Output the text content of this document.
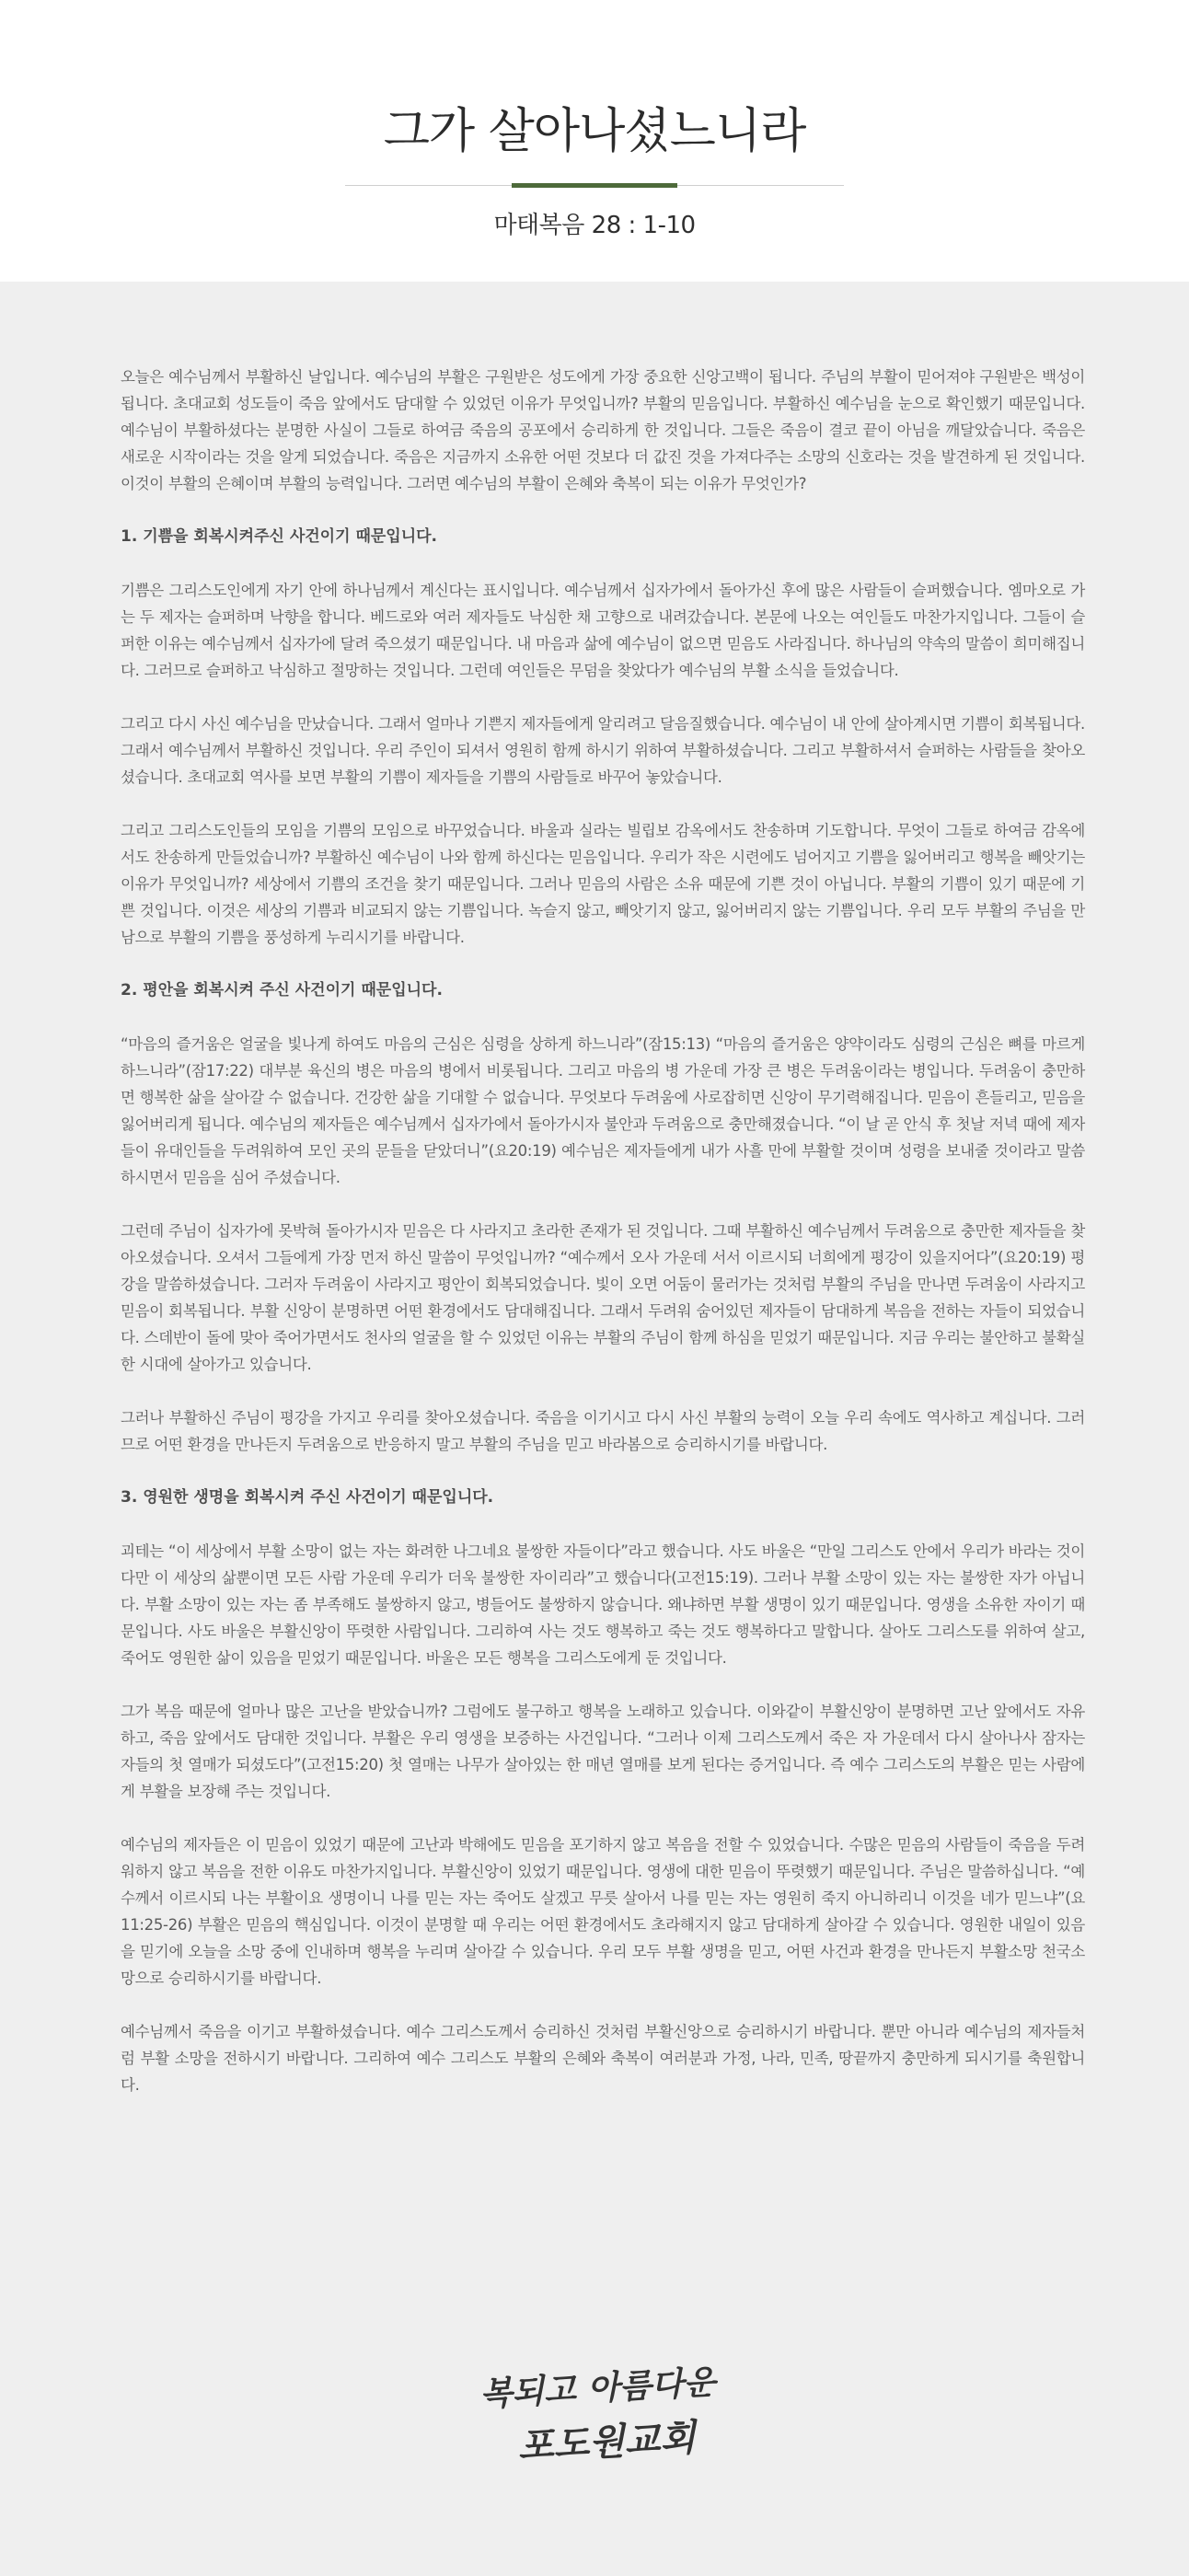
그가 살아나셨느니라
마태복음 28 : 1-10

오늘은 예수님께서 부활하신 날입니다. 예수님의 부활은 구원받은 성도에게 가장 중요한 신앙고백이 됩니다. 주님의 부활이 믿어져야 구원받은 백성이 됩니다. 초대교회 성도들이 죽음 앞에서도 담대할 수 있었던 이유가 무엇입니까? 부활의 믿음입니다. 부활하신 예수님을 눈으로 확인했기 때문입니다. 예수님이 부활하셨다는 분명한 사실이 그들로 하여금 죽음의 공포에서 승리하게 한 것입니다. 그들은 죽음이 결코 끝이 아님을 깨달았습니다. 죽음은 새로운 시작이라는 것을 알게 되었습니다. 죽음은 지금까지 소유한 어떤 것보다 더 값진 것을 가져다주는 소망의 신호라는 것을 발견하게 된 것입니다. 이것이 부활의 은혜이며 부활의 능력입니다. 그러면 예수님의 부활이 은혜와 축복이 되는 이유가 무엇인가?

1. 기쁨을 회복시켜주신 사건이기 때문입니다.

기쁨은 그리스도인에게 자기 안에 하나님께서 계신다는 표시입니다. 예수님께서 십자가에서 돌아가신 후에 많은 사람들이 슬퍼했습니다. 엠마오로 가는 두 제자는 슬퍼하며 낙향을 합니다. 베드로와 여러 제자들도 낙심한 채 고향으로 내려갔습니다. 본문에 나오는 여인들도 마찬가지입니다. 그들이 슬퍼한 이유는 예수님께서 십자가에 달려 죽으셨기 때문입니다. 내 마음과 삶에 예수님이 없으면 믿음도 사라집니다. 하나님의 약속의 말씀이 희미해집니다. 그러므로 슬퍼하고 낙심하고 절망하는 것입니다. 그런데 여인들은 무덤을 찾았다가 예수님의 부활 소식을 들었습니다.

그리고 다시 사신 예수님을 만났습니다. 그래서 얼마나 기쁜지 제자들에게 알리려고 달음질했습니다. 예수님이 내 안에 살아계시면 기쁨이 회복됩니다. 그래서 예수님께서 부활하신 것입니다. 우리 주인이 되셔서 영원히 함께 하시기 위하여 부활하셨습니다. 그리고 부활하셔서 슬퍼하는 사람들을 찾아오셨습니다. 초대교회 역사를 보면 부활의 기쁨이 제자들을 기쁨의 사람들로 바꾸어 놓았습니다.

그리고 그리스도인들의 모임을 기쁨의 모임으로 바꾸었습니다. 바울과 실라는 빌립보 감옥에서도 찬송하며 기도합니다. 무엇이 그들로 하여금 감옥에서도 찬송하게 만들었습니까? 부활하신 예수님이 나와 함께 하신다는 믿음입니다. 우리가 작은 시련에도 넘어지고 기쁨을 잃어버리고 행복을 빼앗기는 이유가 무엇입니까? 세상에서 기쁨의 조건을 찾기 때문입니다. 그러나 믿음의 사람은 소유 때문에 기쁜 것이 아닙니다. 부활의 기쁨이 있기 때문에 기쁜 것입니다. 이것은 세상의 기쁨과 비교되지 않는 기쁨입니다. 녹슬지 않고, 빼앗기지 않고, 잃어버리지 않는 기쁨입니다. 우리 모두 부활의 주님을 만남으로 부활의 기쁨을 풍성하게 누리시기를 바랍니다.

2. 평안을 회복시켜 주신 사건이기 때문입니다.

“마음의 즐거움은 얼굴을 빛나게 하여도 마음의 근심은 심령을 상하게 하느니라”(잠15:13) “마음의 즐거움은 양약이라도 심령의 근심은 뼈를 마르게 하느니라”(잠17:22) 대부분 육신의 병은 마음의 병에서 비롯됩니다. 그리고 마음의 병 가운데 가장 큰 병은 두려움이라는 병입니다. 두려움이 충만하면 행복한 삶을 살아갈 수 없습니다. 건강한 삶을 기대할 수 없습니다. 무엇보다 두려움에 사로잡히면 신앙이 무기력해집니다. 믿음이 흔들리고, 믿음을 잃어버리게 됩니다. 예수님의 제자들은 예수님께서 십자가에서 돌아가시자 불안과 두려움으로 충만해졌습니다. “이 날 곧 안식 후 첫날 저녁 때에 제자들이 유대인들을 두려워하여 모인 곳의 문들을 닫았더니”(요20:19) 예수님은 제자들에게 내가 사흘 만에 부활할 것이며 성령을 보내줄 것이라고 말씀하시면서 믿음을 심어 주셨습니다.

그런데 주님이 십자가에 못박혀 돌아가시자 믿음은 다 사라지고 초라한 존재가 된 것입니다. 그때 부활하신 예수님께서 두려움으로 충만한 제자들을 찾아오셨습니다. 오셔서 그들에게 가장 먼저 하신 말씀이 무엇입니까? “예수께서 오사 가운데 서서 이르시되 너희에게 평강이 있을지어다”(요20:19) 평강을 말씀하셨습니다. 그러자 두려움이 사라지고 평안이 회복되었습니다. 빛이 오면 어둠이 물러가는 것처럼 부활의 주님을 만나면 두려움이 사라지고 믿음이 회복됩니다. 부활 신앙이 분명하면 어떤 환경에서도 담대해집니다. 그래서 두려워 숨어있던 제자들이 담대하게 복음을 전하는 자들이 되었습니다. 스데반이 돌에 맞아 죽어가면서도 천사의 얼굴을 할 수 있었던 이유는 부활의 주님이 함께 하심을 믿었기 때문입니다. 지금 우리는 불안하고 불확실한 시대에 살아가고 있습니다.

그러나 부활하신 주님이 평강을 가지고 우리를 찾아오셨습니다. 죽음을 이기시고 다시 사신 부활의 능력이 오늘 우리 속에도 역사하고 계십니다. 그러므로 어떤 환경을 만나든지 두려움으로 반응하지 말고 부활의 주님을 믿고 바라봄으로 승리하시기를 바랍니다.

3. 영원한 생명을 회복시켜 주신 사건이기 때문입니다.

괴테는 “이 세상에서 부활 소망이 없는 자는 화려한 나그네요 불쌍한 자들이다”라고 했습니다. 사도 바울은 “만일 그리스도 안에서 우리가 바라는 것이 다만 이 세상의 삶뿐이면 모든 사람 가운데 우리가 더욱 불쌍한 자이리라”고 했습니다(고전15:19). 그러나 부활 소망이 있는 자는 불쌍한 자가 아닙니다. 부활 소망이 있는 자는 좀 부족해도 불쌍하지 않고, 병들어도 불쌍하지 않습니다. 왜냐하면 부활 생명이 있기 때문입니다. 영생을 소유한 자이기 때문입니다. 사도 바울은 부활신앙이 뚜렷한 사람입니다. 그리하여 사는 것도 행복하고 죽는 것도 행복하다고 말합니다. 살아도 그리스도를 위하여 살고, 죽어도 영원한 삶이 있음을 믿었기 때문입니다. 바울은 모든 행복을 그리스도에게 둔 것입니다.

그가 복음 때문에 얼마나 많은 고난을 받았습니까? 그럼에도 불구하고 행복을 노래하고 있습니다. 이와같이 부활신앙이 분명하면 고난 앞에서도 자유하고, 죽음 앞에서도 담대한 것입니다. 부활은 우리 영생을 보증하는 사건입니다. “그러나 이제 그리스도께서 죽은 자 가운데서 다시 살아나사 잠자는 자들의 첫 열매가 되셨도다”(고전15:20) 첫 열매는 나무가 살아있는 한 매년 열매를 보게 된다는 증거입니다. 즉 예수 그리스도의 부활은 믿는 사람에게 부활을 보장해 주는 것입니다.

예수님의 제자들은 이 믿음이 있었기 때문에 고난과 박해에도 믿음을 포기하지 않고 복음을 전할 수 있었습니다. 수많은 믿음의 사람들이 죽음을 두려워하지 않고 복음을 전한 이유도 마찬가지입니다. 부활신앙이 있었기 때문입니다. 영생에 대한 믿음이 뚜렷했기 때문입니다. 주님은 말씀하십니다. “예수께서 이르시되 나는 부활이요 생명이니 나를 믿는 자는 죽어도 살겠고 무릇 살아서 나를 믿는 자는 영원히 죽지 아니하리니 이것을 네가 믿느냐”(요11:25-26) 부활은 믿음의 핵심입니다. 이것이 분명할 때 우리는 어떤 환경에서도 초라해지지 않고 담대하게 살아갈 수 있습니다. 영원한 내일이 있음을 믿기에 오늘을 소망 중에 인내하며 행복을 누리며 살아갈 수 있습니다. 우리 모두 부활 생명을 믿고, 어떤 사건과 환경을 만나든지 부활소망 천국소망으로 승리하시기를 바랍니다.

예수님께서 죽음을 이기고 부활하셨습니다. 예수 그리스도께서 승리하신 것처럼 부활신앙으로 승리하시기 바랍니다. 뿐만 아니라 예수님의 제자들처럼 부활 소망을 전하시기 바랍니다. 그리하여 예수 그리스도 부활의 은혜와 축복이 여러분과 가정, 나라, 민족, 땅끝까지 충만하게 되시기를 축원합니다.

복되고 아름다운
포도원교회
